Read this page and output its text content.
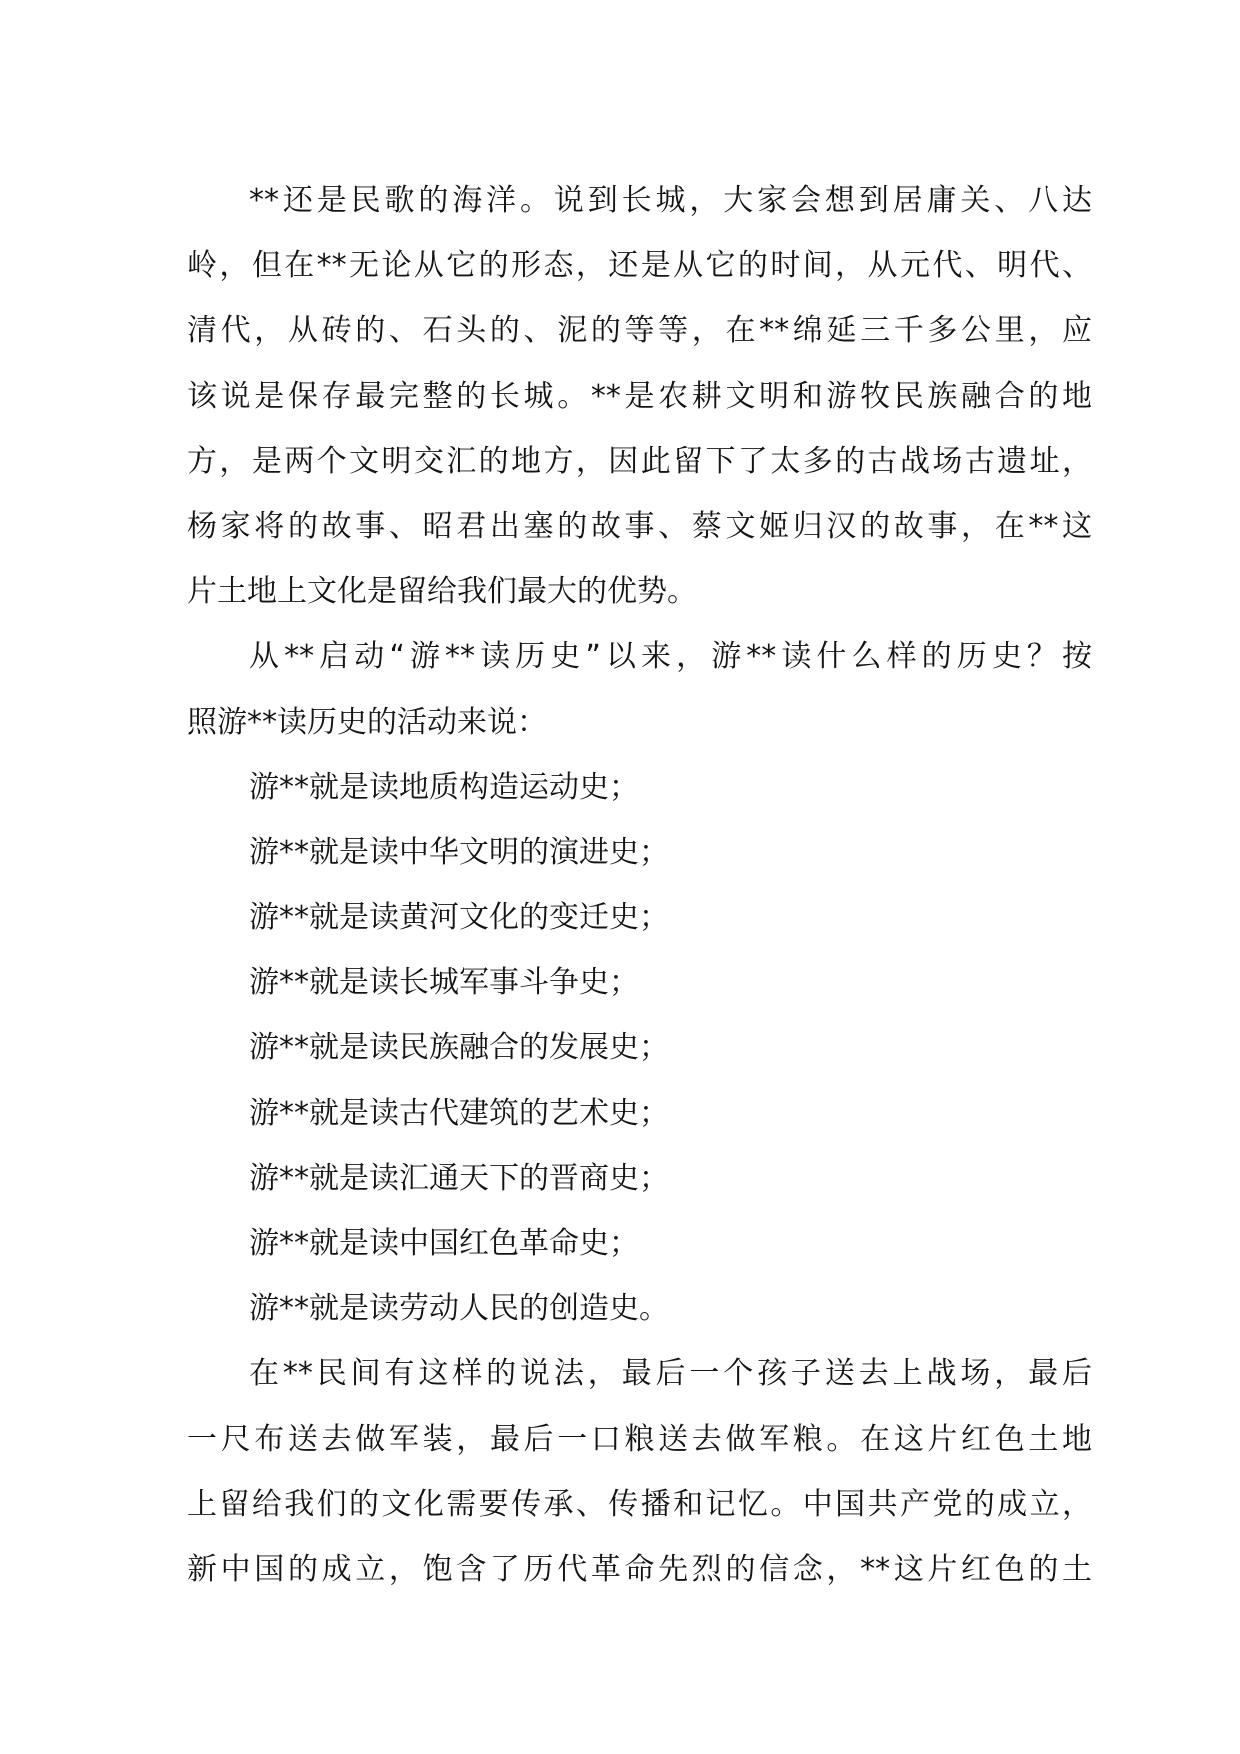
**还是民歌的海洋。说到长城，大家会想到居庸关、八达
岭，但在**无论从它的形态，还是从它的时间，从元代、明代、
清代，从砖的、石头的、泥的等等，在**绵延三千多公里，应
该说是保存最完整的长城。**是农耕文明和游牧民族融合的地
方，是两个文明交汇的地方，因此留下了太多的古战场古遗址，
杨家将的故事、昭君出塞的故事、蔡文姬归汉的故事，在**这
片土地上文化是留给我们最大的优势。
从**启动“游**读历史”以来，游**读什么样的历史？按
照游**读历史的活动来说：
游**就是读地质构造运动史；
游**就是读中华文明的演进史；
游**就是读黄河文化的变迁史；
游**就是读长城军事斗争史；
游**就是读民族融合的发展史；
游**就是读古代建筑的艺术史；
游**就是读汇通天下的晋商史；
游**就是读中国红色革命史；
游**就是读劳动人民的创造史。
在**民间有这样的说法，最后一个孩子送去上战场，最后
一尺布送去做军装，最后一口粮送去做军粮。在这片红色土地
上留给我们的文化需要传承、传播和记忆。中国共产党的成立，
新中国的成立，饱含了历代革命先烈的信念，**这片红色的土
